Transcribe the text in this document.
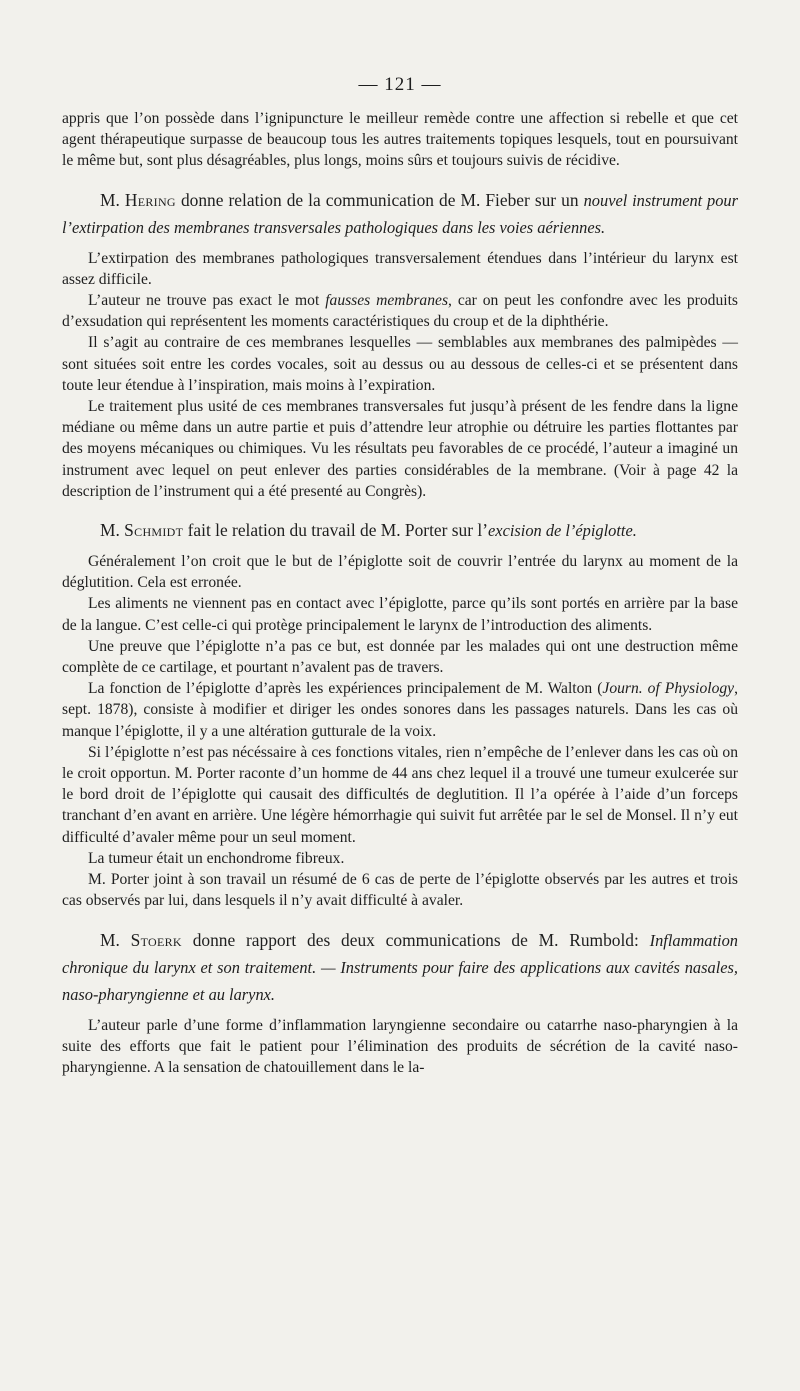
— 121 —

appris que l’on possède dans l’ignipuncture le meilleur remède contre une affection si rebelle et que cet agent thérapeutique surpasse de beaucoup tous les autres traitements topiques lesquels, tout en poursuivant le même but, sont plus désagréables, plus longs, moins sûrs et toujours suivis de récidive.

M. Hering donne relation de la communication de M. Fieber sur un nouvel instrument pour l’extirpation des membranes transversales pathologiques dans les voies aériennes.

L’extirpation des membranes pathologiques transversalement étendues dans l’intérieur du larynx est assez difficile.

L’auteur ne trouve pas exact le mot fausses membranes, car on peut les confondre avec les produits d’exsudation qui représentent les moments caractéristiques du croup et de la diphthérie.

Il s’agit au contraire de ces membranes lesquelles — semblables aux membranes des palmipèdes — sont situées soit entre les cordes vocales, soit au dessus ou au dessous de celles-ci et se présentent dans toute leur étendue à l’inspiration, mais moins à l’expiration.

Le traitement plus usité de ces membranes transversales fut jusqu’à présent de les fendre dans la ligne médiane ou même dans un autre partie et puis d’attendre leur atrophie ou détruire les parties flottantes par des moyens mécaniques ou chimiques. Vu les résultats peu favorables de ce procédé, l’auteur a imaginé un instrument avec lequel on peut enlever des parties considérables de la membrane. (Voir à page 42 la description de l’instrument qui a été presenté au Congrès).

M. Schmidt fait le relation du travail de M. Porter sur l’excision de l’épiglotte.

Généralement l’on croit que le but de l’épiglotte soit de couvrir l’entrée du larynx au moment de la déglutition. Cela est erronée.

Les aliments ne viennent pas en contact avec l’épiglotte, parce qu’ils sont portés en arrière par la base de la langue. C’est celle-ci qui protège principalement le larynx de l’introduction des aliments.

Une preuve que l’épiglotte n’a pas ce but, est donnée par les malades qui ont une destruction même complète de ce cartilage, et pourtant n’avalent pas de travers.

La fonction de l’épiglotte d’après les expériences principalement de M. Walton (Journ. of Physiology, sept. 1878), consiste à modifier et diriger les ondes sonores dans les passages naturels. Dans les cas où manque l’épiglotte, il y a une altération gutturale de la voix.

Si l’épiglotte n’est pas nécéssaire à ces fonctions vitales, rien n’empêche de l’enlever dans les cas où on le croit opportun. M. Porter raconte d’un homme de 44 ans chez lequel il a trouvé une tumeur exulcerée sur le bord droit de l’épiglotte qui causait des difficultés de deglutition. Il l’a opérée à l’aide d’un forceps tranchant d’en avant en arrière. Une légère hémorrhagie qui suivit fut arrêtée par le sel de Monsel. Il n’y eut difficulté d’avaler même pour un seul moment.

La tumeur était un enchondrome fibreux.

M. Porter joint à son travail un résumé de 6 cas de perte de l’épiglotte observés par les autres et trois cas observés par lui, dans lesquels il n’y avait difficulté à avaler.

M. Stoerk donne rapport des deux communications de M. Rumbold: Inflammation chronique du larynx et son traitement. — Instruments pour faire des applications aux cavités nasales, naso-pharyngienne et au larynx.

L’auteur parle d’une forme d’inflammation laryngienne secondaire ou catarrhe naso-pharyngien à la suite des efforts que fait le patient pour l’élimination des produits de sécrétion de la cavité naso-pharyngienne. A la sensation de chatouillement dans le la-
